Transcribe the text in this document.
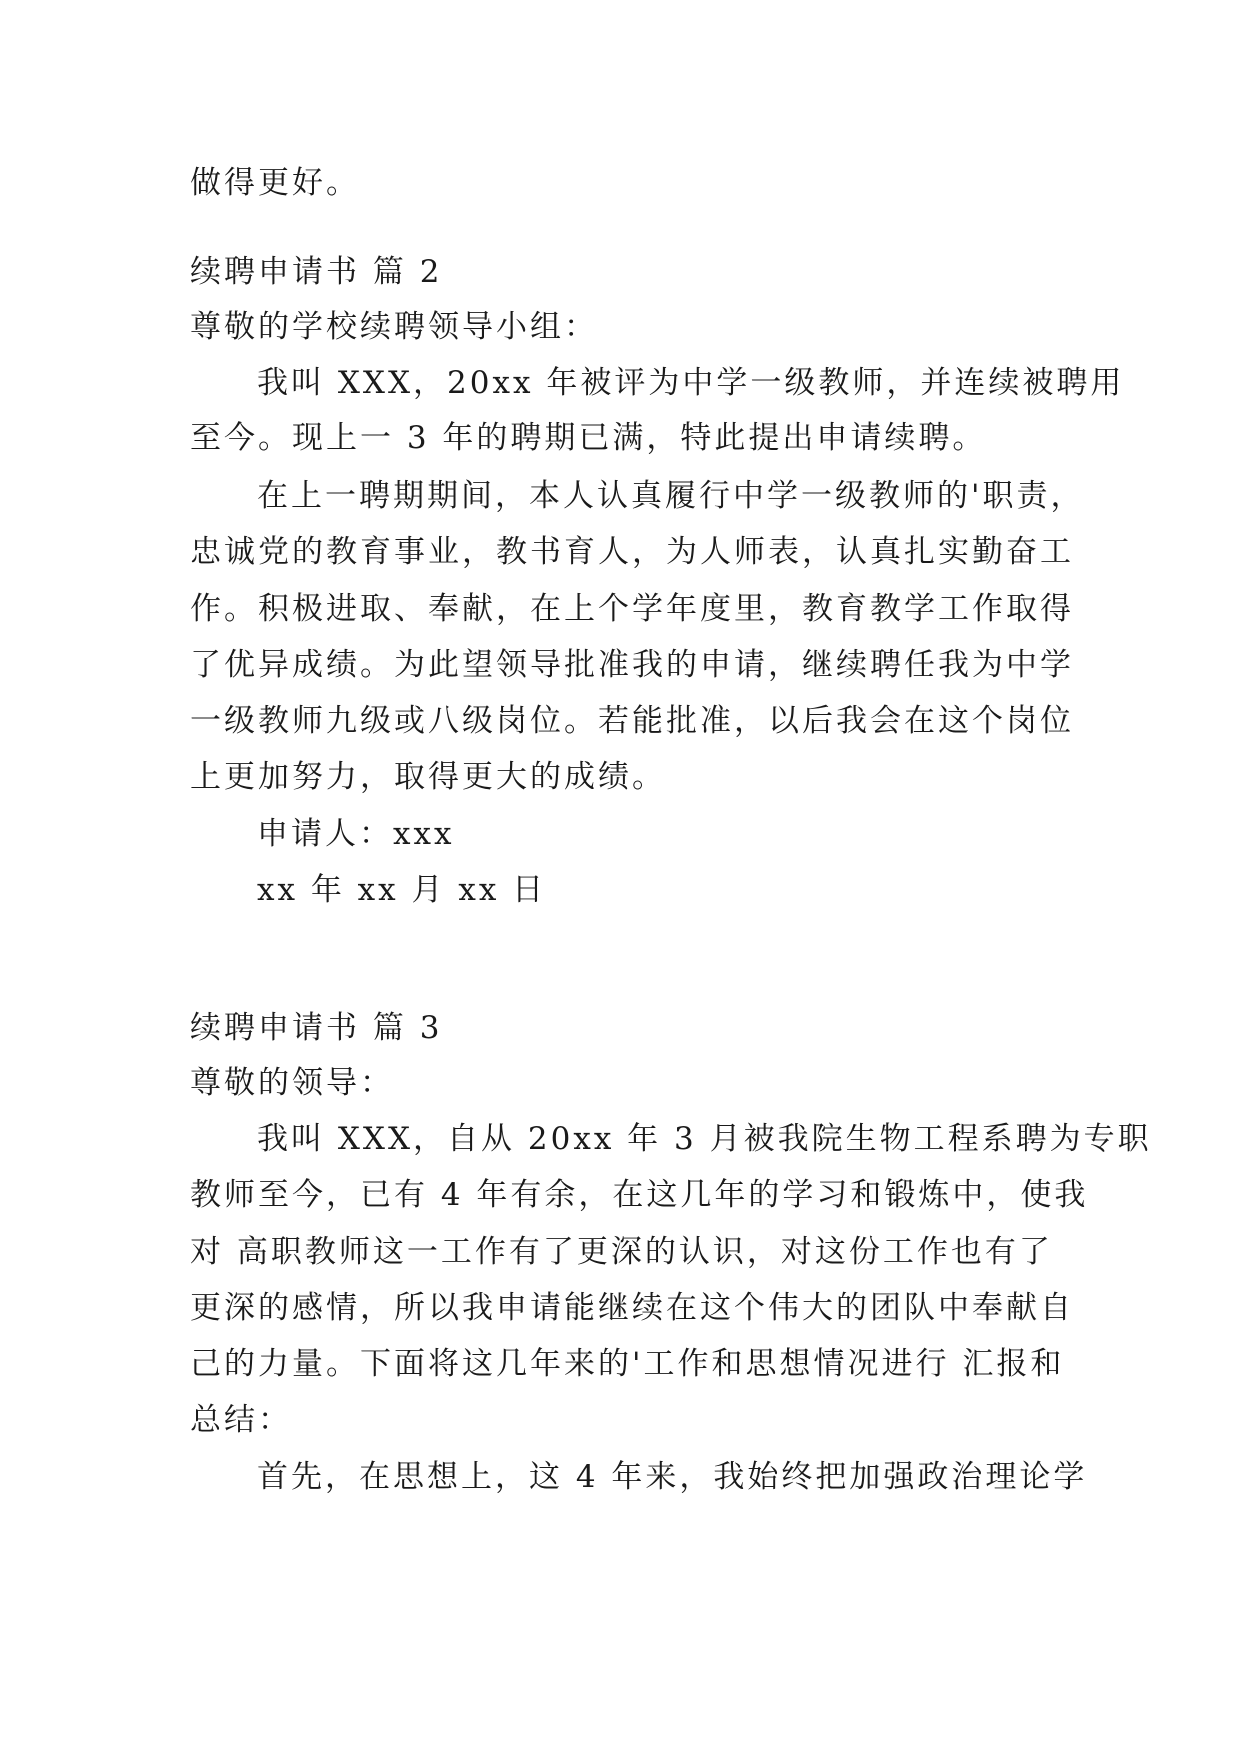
做得更好。
续聘申请书 篇 2
尊敬的学校续聘领导小组：
我叫 XXX，20xx 年被评为中学一级教师，并连续被聘用
至今。现上一 3 年的聘期已满，特此提出申请续聘。
在上一聘期期间，本人认真履行中学一级教师的'职责，
忠诚党的教育事业，教书育人，为人师表，认真扎实勤奋工
作。积极进取、奉献，在上个学年度里，教育教学工作取得
了优异成绩。为此望领导批准我的申请，继续聘任我为中学
一级教师九级或八级岗位。若能批准，以后我会在这个岗位
上更加努力，取得更大的成绩。
申请人：xxx
xx 年 xx 月 xx 日
续聘申请书 篇 3
尊敬的领导：
我叫 XXX，自从 20xx 年 3 月被我院生物工程系聘为专职
教师至今，已有 4 年有余，在这几年的学习和锻炼中，使我
对 高职教师这一工作有了更深的认识，对这份工作也有了
更深的感情，所以我申请能继续在这个伟大的团队中奉献自
己的力量。下面将这几年来的'工作和思想情况进行 汇报和
总结：
首先，在思想上，这 4 年来，我始终把加强政治理论学
